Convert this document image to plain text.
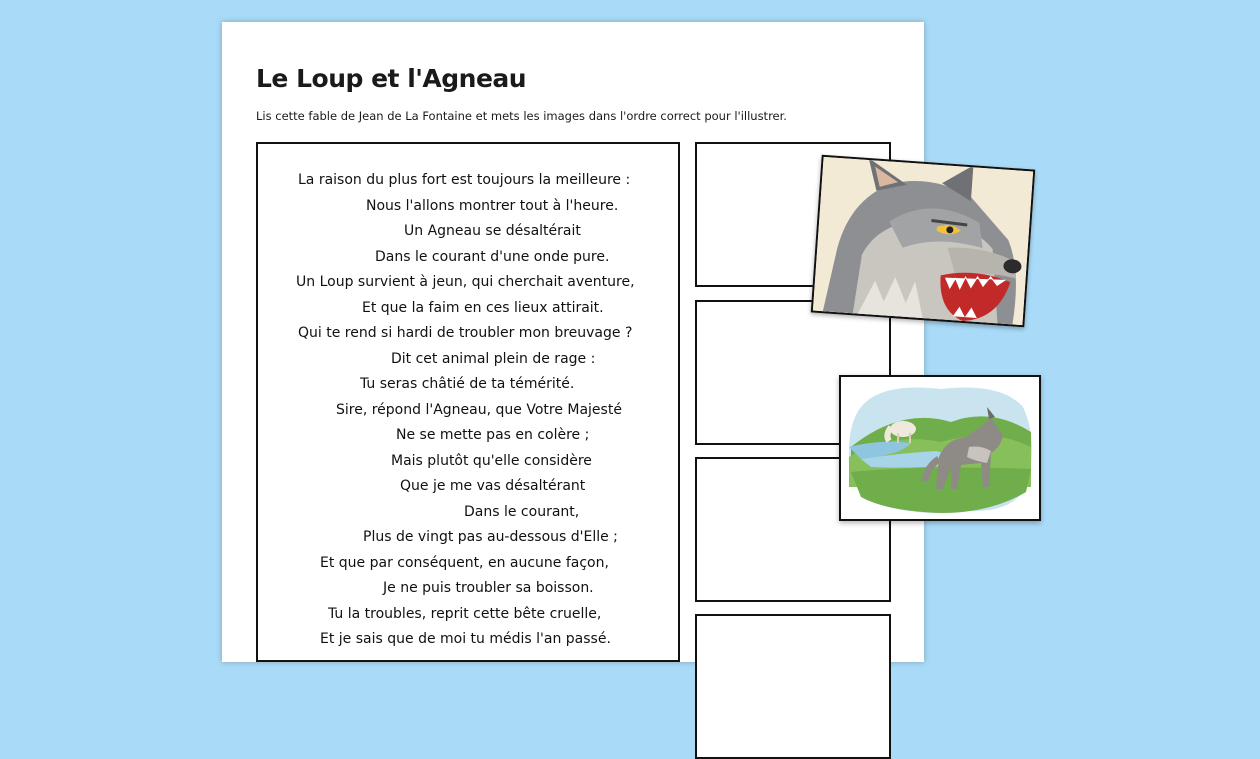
Le Loup et l'Agneau
Lis cette fable de Jean de La Fontaine et mets les images dans l'ordre correct pour l'illustrer.
La raison du plus fort est toujours la meilleure :
Nous l'allons montrer tout à l'heure.
Un Agneau se désaltérait
Dans le courant d'une onde pure.
Un Loup survient à jeun, qui cherchait aventure,
Et que la faim en ces lieux attirait.
Qui te rend si hardi de troubler mon breuvage ?
Dit cet animal plein de rage :
Tu seras châtié de ta témérité.
Sire, répond l'Agneau, que Votre Majesté
Ne se mette pas en colère ;
Mais plutôt qu'elle considère
Que je me vas désaltérant
Dans le courant,
Plus de vingt pas au-dessous d'Elle ;
Et que par conséquent, en aucune façon,
Je ne puis troubler sa boisson.
Tu la troubles, reprit cette bête cruelle,
Et je sais que de moi tu médis l'an passé.
